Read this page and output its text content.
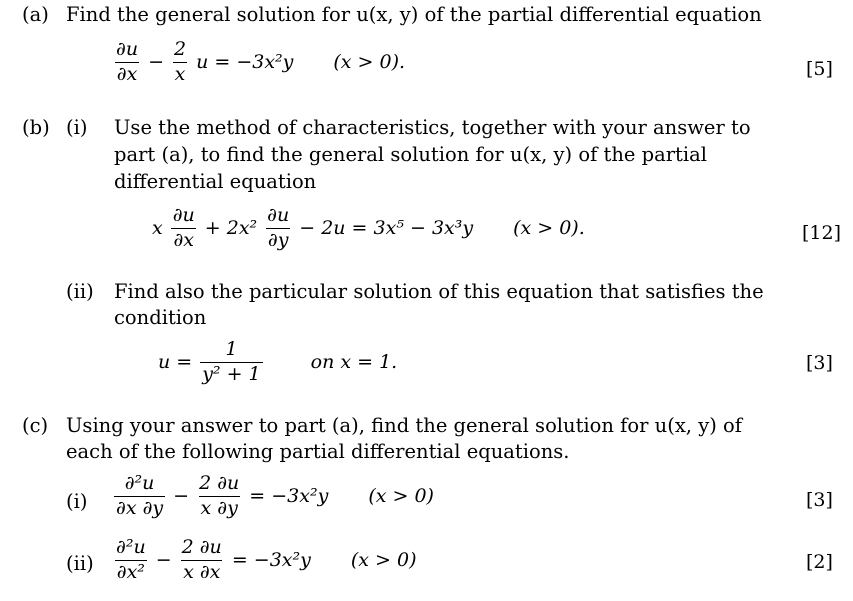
(a) Find the general solution for u(x, y) of the partial differential equation
$\frac{\partial u}{\partial x} - \frac{2}{x}$ u = −3x²y (x > 0).	[5]
(b) (i) Use the method of characteristics, together with your answer to
part (a), to find the general solution for u(x, y) of the partial
differential equation
x $\frac{\partial u}{\partial x} + 2x^2 \frac{\partial u}{\partial y} - 2u = 3x^5 - 3x^3y$ (x > 0).	[12]
(ii) Find also the particular solution of this equation that satisfies the
condition
$u = \frac{1}{\text{y² + 1}}$	on x = 1.	[3]
(c) Using your answer to part (a), find the general solution for u(x, y) of
each of the following partial differential equations.
$(i) \frac{\text{∂²u}}{\partial x \partial y} - \frac{2 \partial u}{x \partial y} = -3x^2y$ (x > 0)	[3]
$(ii) \frac{\text{∂²u}}{\text{∂x²}} - \frac{2 \partial u}{x \partial x} = -3x^2y$ (x > 0)	[2]
